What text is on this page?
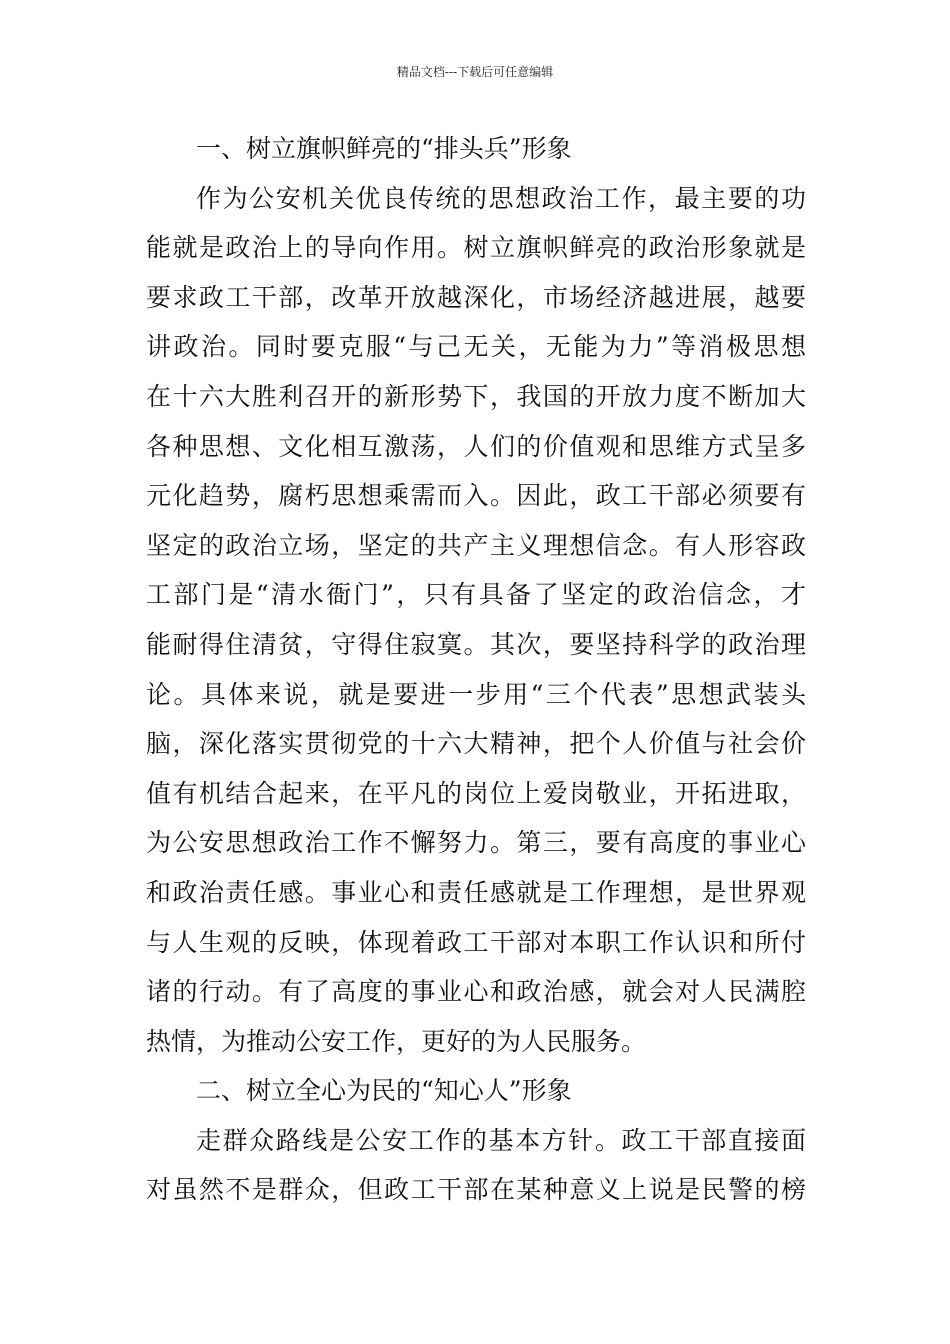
精品文档---下载后可任意编辑
一、树立旗帜鲜亮的“排头兵”形象
作为公安机关优良传统的思想政治工作，最主要的功
能就是政治上的导向作用。树立旗帜鲜亮的政治形象就是
要求政工干部，改革开放越深化，市场经济越进展，越要
讲政治。同时要克服“与己无关，无能为力”等消极思想
在十六大胜利召开的新形势下，我国的开放力度不断加大
各种思想、文化相互激荡，人们的价值观和思维方式呈多
元化趋势，腐朽思想乘需而入。因此，政工干部必须要有
坚定的政治立场，坚定的共产主义理想信念。有人形容政
工部门是“清水衙门”，只有具备了坚定的政治信念，才
能耐得住清贫，守得住寂寞。其次，要坚持科学的政治理
论。具体来说，就是要进一步用“三个代表”思想武装头
脑，深化落实贯彻党的十六大精神，把个人价值与社会价
值有机结合起来，在平凡的岗位上爱岗敬业，开拓进取，
为公安思想政治工作不懈努力。第三，要有高度的事业心
和政治责任感。事业心和责任感就是工作理想，是世界观
与人生观的反映，体现着政工干部对本职工作认识和所付
诸的行动。有了高度的事业心和政治感，就会对人民满腔
热情，为推动公安工作，更好的为人民服务。
二、树立全心为民的“知心人”形象
走群众路线是公安工作的基本方针。政工干部直接面
对虽然不是群众，但政工干部在某种意义上说是民警的榜
